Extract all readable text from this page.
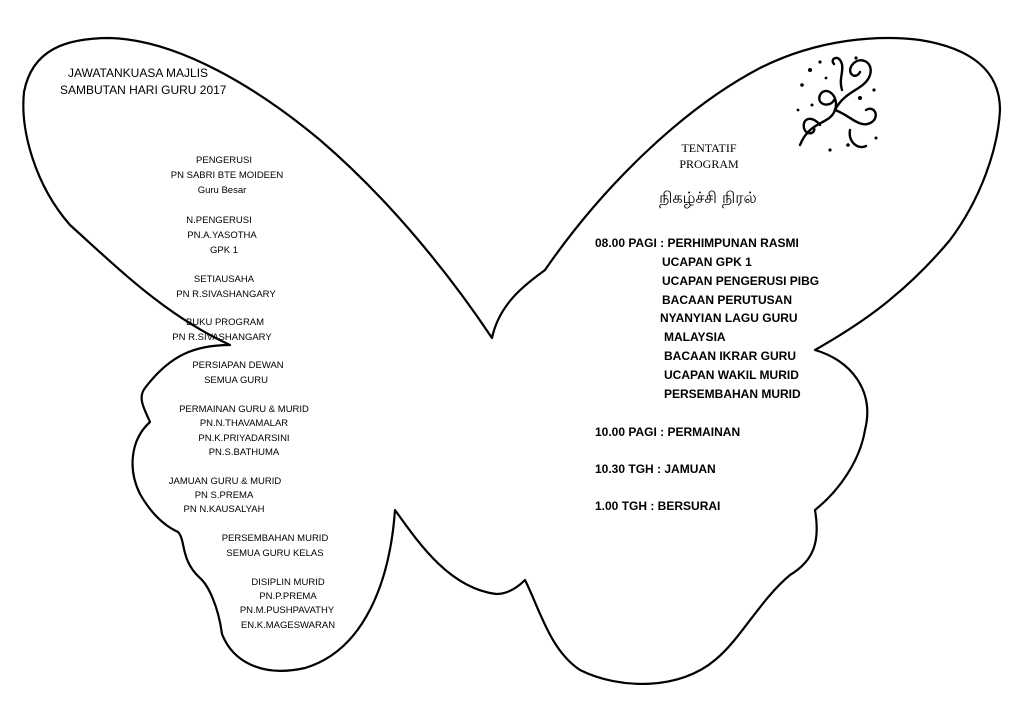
JAWATANKUASA MAJLIS
SAMBUTAN HARI GURU 2017
PENGERUSI
PN SABRI BTE MOIDEEN
Guru Besar
N.PENGERUSI
PN.A.YASOTHA
GPK 1
SETIAUSAHA
PN R.SIVASHANGARY
BUKU PROGRAM
PN R.SIVASHANGARY
PERSIAPAN DEWAN
SEMUA GURU
PERMAINAN GURU & MURID
PN.N.THAVAMALAR
PN.K.PRIYADARSINI
PN.S.BATHUMA
JAMUAN GURU & MURID
PN S.PREMA
PN N.KAUSALYAH
PERSEMBAHAN MURID
SEMUA GURU KELAS
DISIPLIN MURID
PN.P.PREMA
PN.M.PUSHPAVATHY
EN.K.MAGESWARAN
TENTATIF
PROGRAM
நிகழ்ச்சி நிரல்
08.00 PAGI : PERHIMPUNAN RASMI
UCAPAN GPK 1
UCAPAN PENGERUSI PIBG
BACAAN PERUTUSAN
NYANYIAN LAGU GURU
MALAYSIA
BACAAN IKRAR GURU
UCAPAN WAKIL MURID
PERSEMBAHAN MURID
10.00 PAGI : PERMAINAN
10.30 TGH : JAMUAN
1.00 TGH : BERSURAI
